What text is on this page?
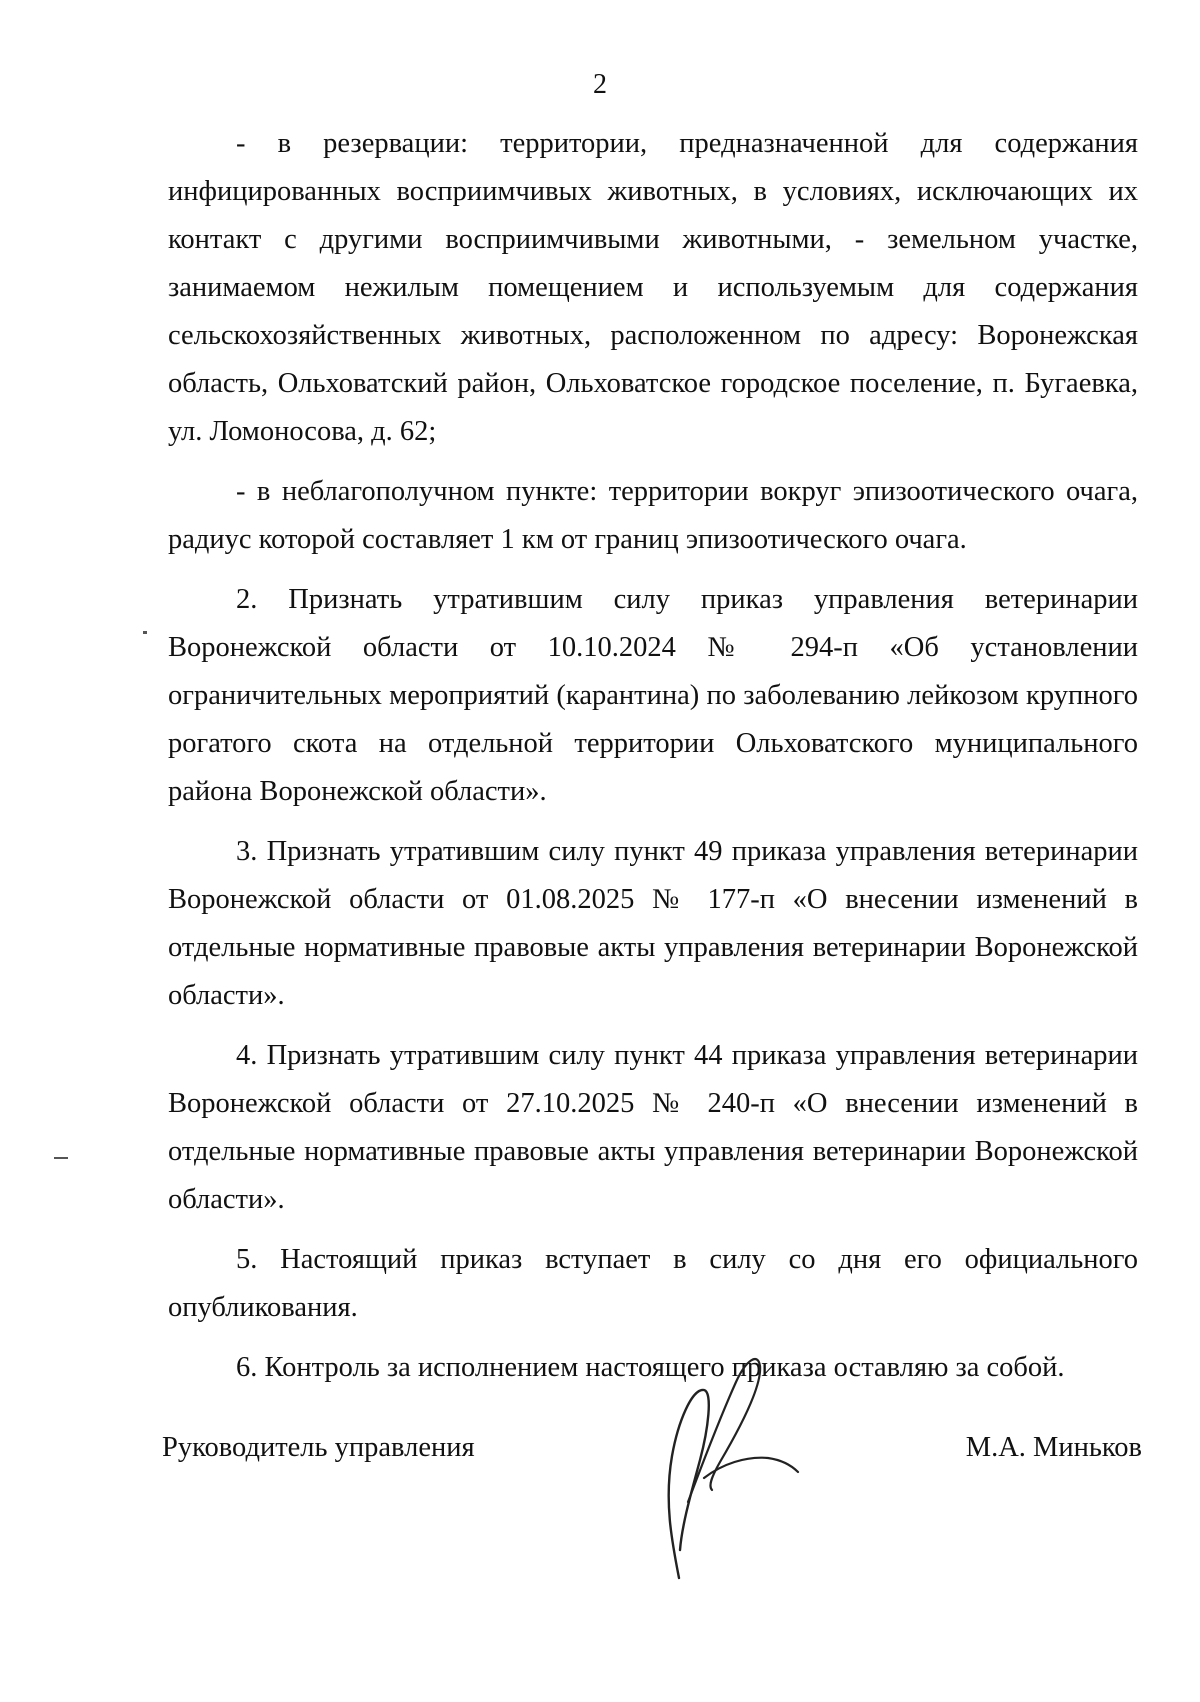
2

- в резервации: территории, предназначенной для содержания инфицированных восприимчивых животных, в условиях, исключающих их контакт с другими восприимчивыми животными, - земельном участке, занимаемом нежилым помещением и используемым для содержания сельскохозяйственных животных, расположенном по адресу: Воронежская область, Ольховатский район, Ольховатское городское поселение, п. Бугаевка, ул. Ломоносова, д. 62;

- в неблагополучном пункте: территории вокруг эпизоотического очага, радиус которой составляет 1 км от границ эпизоотического очага.

2. Признать утратившим силу приказ управления ветеринарии Воронежской области от 10.10.2024 № 294-п «Об установлении ограничительных мероприятий (карантина) по заболеванию лейкозом крупного рогатого скота на отдельной территории Ольховатского муниципального района Воронежской области».

3. Признать утратившим силу пункт 49 приказа управления ветеринарии Воронежской области от 01.08.2025 № 177-п «О внесении изменений в отдельные нормативные правовые акты управления ветеринарии Воронежской области».

4. Признать утратившим силу пункт 44 приказа управления ветеринарии Воронежской области от 27.10.2025 № 240-п «О внесении изменений в отдельные нормативные правовые акты управления ветеринарии Воронежской области».

5. Настоящий приказ вступает в силу со дня его официального опубликования.

6. Контроль за исполнением настоящего приказа оставляю за собой.

Руководитель управления	М.А. Миньков
